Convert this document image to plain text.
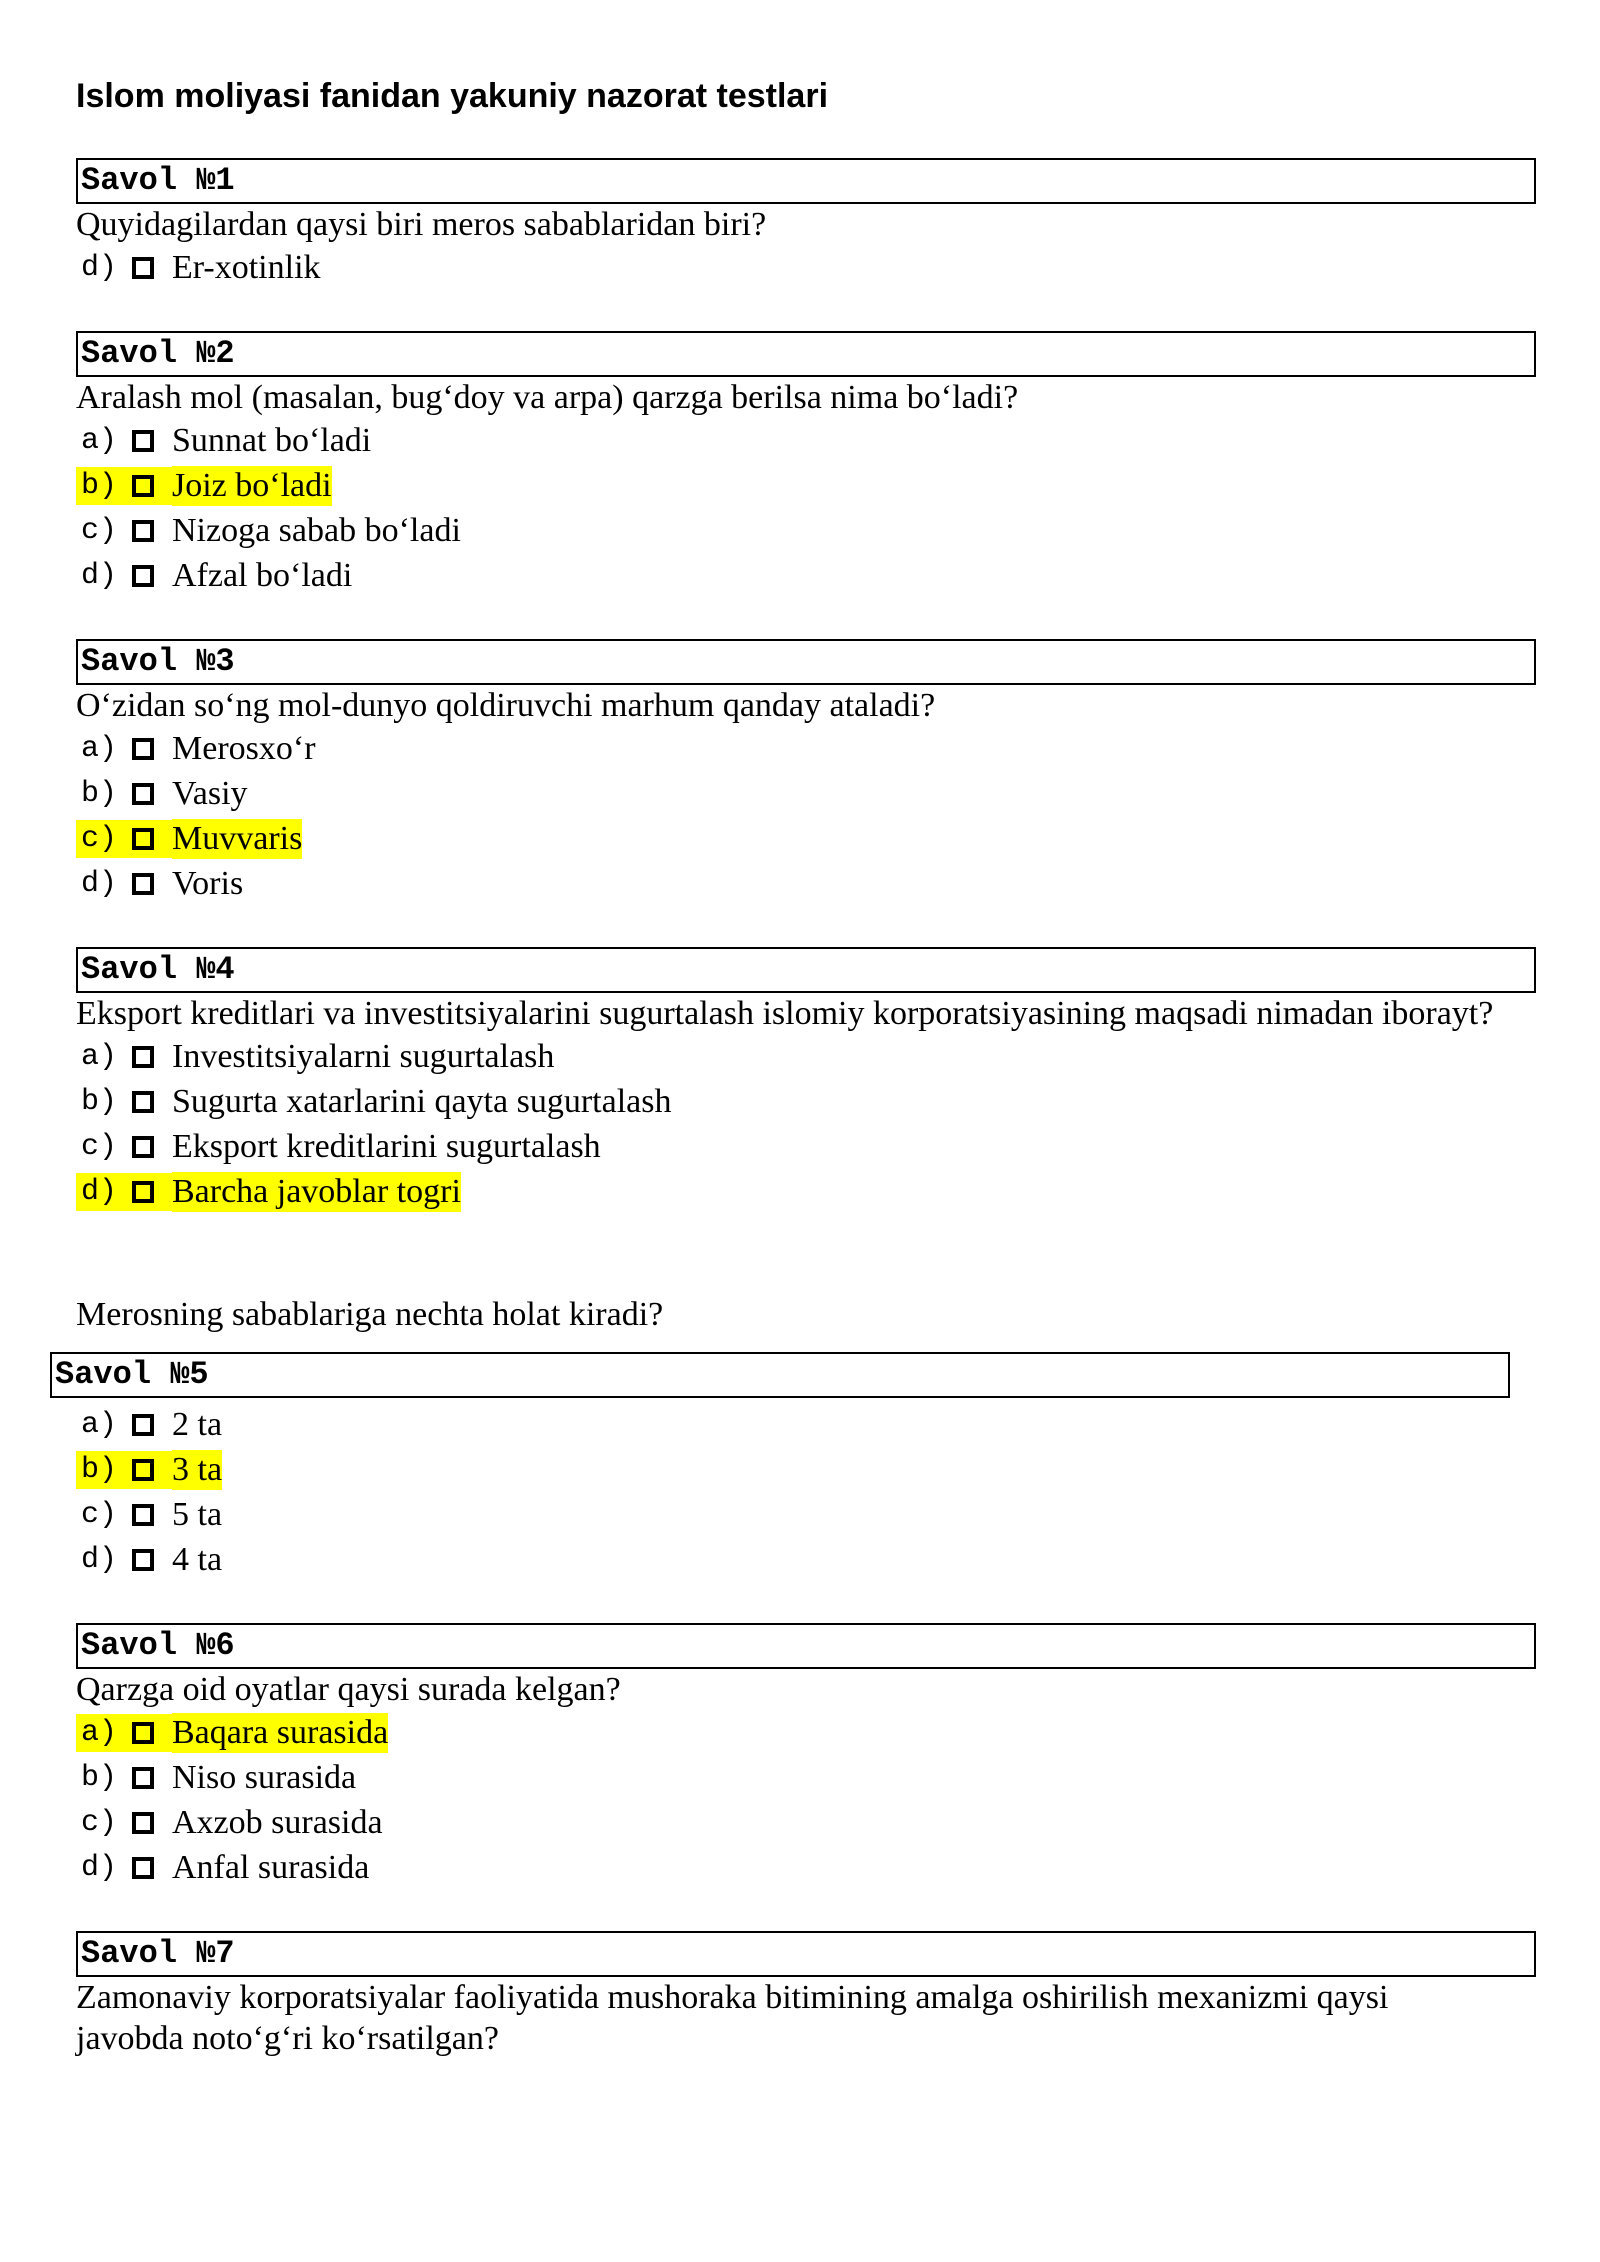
Islom moliyasi fanidan yakuniy nazorat testlari
Savol №1

Quyidagilardan qaysi biri meros sabablaridan biri?

d)	Er-xotinlik
Savol №2

Aralash mol (masalan, bug‘doy va arpa) qarzga berilsa nima bo‘ladi?

a)	Sunnat bo‘ladi
b)	Joiz bo‘ladi
c)	Nizoga sabab bo‘ladi
d)	Afzal bo‘ladi
Savol №3

O‘zidan so‘ng mol-dunyo qoldiruvchi marhum qanday ataladi?

a)	Merosxo‘r
b)	Vasiy
c)	Muvvaris
d)	Voris
Savol №4

Eksport kreditlari va investitsiyalarini sugurtalash islomiy korporatsiyasining maqsadi nimadan iborayt?

a)	Investitsiyalarni sugurtalash
b)	Sugurta xatarlarini qayta sugurtalash
c)	Eksport kreditlarini sugurtalash
d)	Barcha javoblar togri

Merosning sabablariga nechta holat kiradi?

Savol №5
a)	2 ta
b)	3 ta
c)	5 ta
d)	4 ta
Savol №6

Qarzga oid oyatlar qaysi surada kelgan?

a)	Baqara surasida
b)	Niso surasida
c)	Axzob surasida
d)	Anfal surasida
Savol №7

Zamonaviy korporatsiyalar faoliyatida mushoraka bitimining amalga oshirilish mexanizmi qaysi javobda noto‘g‘ri ko‘rsatilgan?
